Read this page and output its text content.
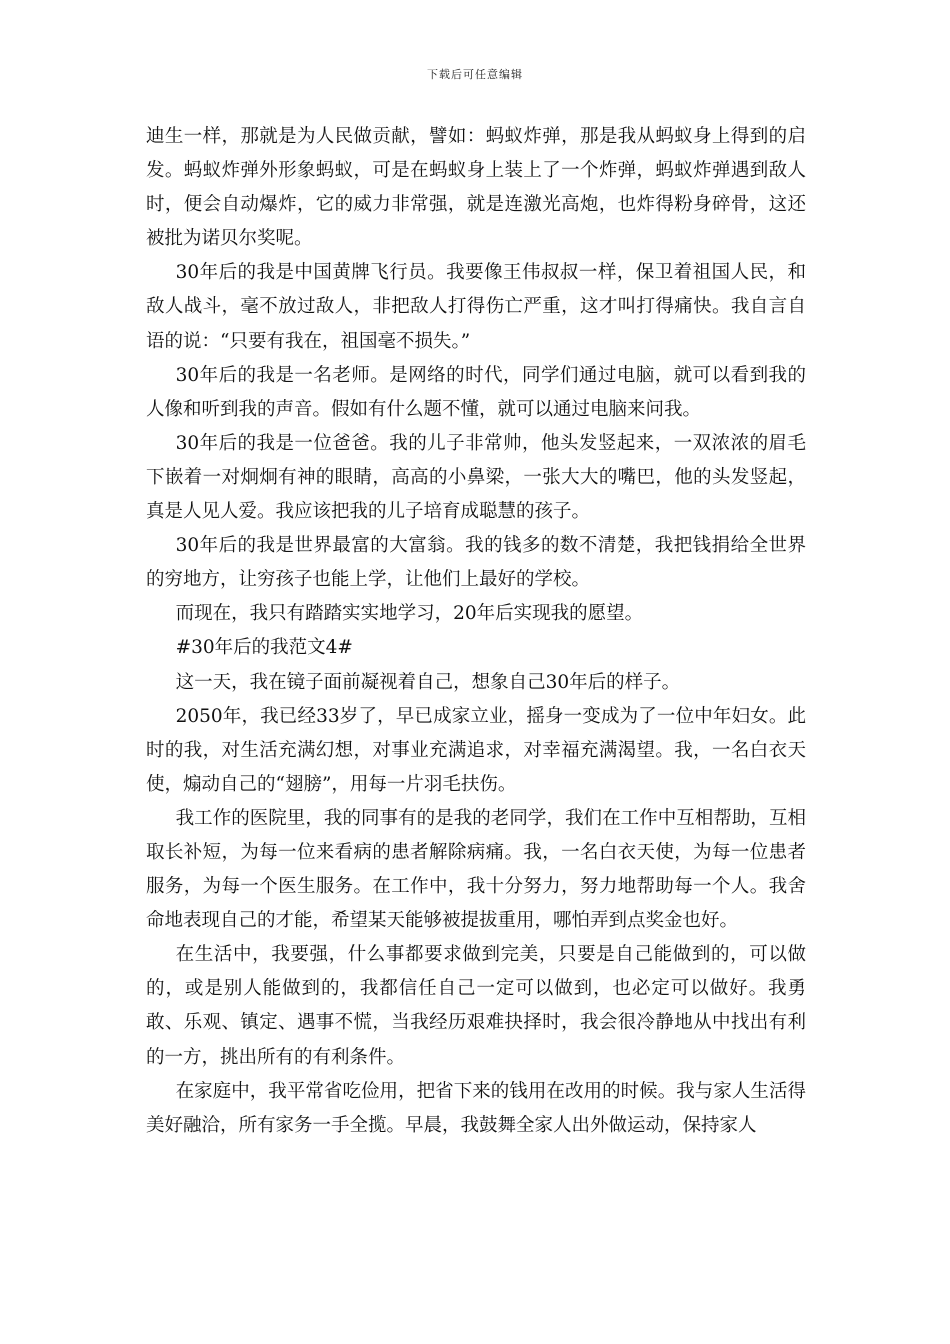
下载后可任意编辑

迪生一样，那就是为人民做贡献，譬如：蚂蚁炸弹，那是我从蚂蚁身上得到的启发。蚂蚁炸弹外形象蚂蚁，可是在蚂蚁身上装上了一个炸弹，蚂蚁炸弹遇到敌人时，便会自动爆炸，它的威力非常强，就是连激光高炮，也炸得粉身碎骨，这还被批为诺贝尔奖呢。

30年后的我是中国黄牌飞行员。我要像王伟叔叔一样，保卫着祖国人民，和敌人战斗，毫不放过敌人，非把敌人打得伤亡严重，这才叫打得痛快。我自言自语的说：“只要有我在，祖国毫不损失。”

30年后的我是一名老师。是网络的时代，同学们通过电脑，就可以看到我的人像和听到我的声音。假如有什么题不懂，就可以通过电脑来问我。

30年后的我是一位爸爸。我的儿子非常帅，他头发竖起来，一双浓浓的眉毛下嵌着一对炯炯有神的眼睛，高高的小鼻梁，一张大大的嘴巴，他的头发竖起，真是人见人爱。我应该把我的儿子培育成聪慧的孩子。

30年后的我是世界最富的大富翁。我的钱多的数不清楚，我把钱捐给全世界的穷地方，让穷孩子也能上学，让他们上最好的学校。

而现在，我只有踏踏实实地学习，20年后实现我的愿望。

#30年后的我范文4#

这一天，我在镜子面前凝视着自己，想象自己30年后的样子。

2050年，我已经33岁了，早已成家立业，摇身一变成为了一位中年妇女。此时的我，对生活充满幻想，对事业充满追求，对幸福充满渴望。我，一名白衣天使，煽动自己的“翅膀”，用每一片羽毛扶伤。

我工作的医院里，我的同事有的是我的老同学，我们在工作中互相帮助，互相取长补短，为每一位来看病的患者解除病痛。我，一名白衣天使，为每一位患者服务，为每一个医生服务。在工作中，我十分努力，努力地帮助每一个人。我舍命地表现自己的才能，希望某天能够被提拔重用，哪怕弄到点奖金也好。

在生活中，我要强，什么事都要求做到完美，只要是自己能做到的，可以做的，或是别人能做到的，我都信任自己一定可以做到，也必定可以做好。我勇敢、乐观、镇定、遇事不慌，当我经历艰难抉择时，我会很冷静地从中找出有利的一方，挑出所有的有利条件。

在家庭中，我平常省吃俭用，把省下来的钱用在改用的时候。我与家人生活得美好融洽，所有家务一手全揽。早晨，我鼓舞全家人出外做运动，保持家人
